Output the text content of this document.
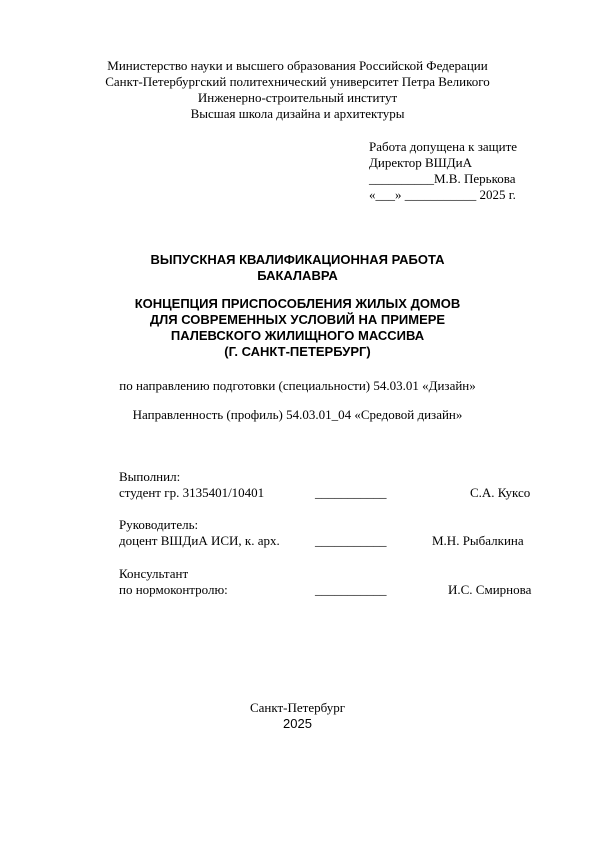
Министерство науки и высшего образования Российской Федерации
Санкт-Петербургский политехнический университет Петра Великого
Инженерно-строительный институт
Высшая школа дизайна и архитектуры
Работа допущена к защите
Директор ВШДиА
__________М.В. Перькова
«___» ___________ 2025 г.
ВЫПУСКНАЯ КВАЛИФИКАЦИОННАЯ РАБОТА
БАКАЛАВРА
КОНЦЕПЦИЯ ПРИСПОСОБЛЕНИЯ ЖИЛЫХ ДОМОВ
ДЛЯ СОВРЕМЕННЫХ УСЛОВИЙ НА ПРИМЕРЕ
ПАЛЕВСКОГО ЖИЛИЩНОГО МАССИВА
(Г. САНКТ-ПЕТЕРБУРГ)
по направлению подготовки (специальности) 54.03.01 «Дизайн»
Направленность (профиль) 54.03.01_04 «Средовой дизайн»
Выполнил:
студент гр. 3135401/10401	___________	С.А. Куксо
Руководитель:
доцент ВШДиА ИСИ, к. арх.	___________	М.Н. Рыбалкина
Консультант
по нормоконтролю:	___________	И.С. Смирнова
Санкт-Петербург
2025
